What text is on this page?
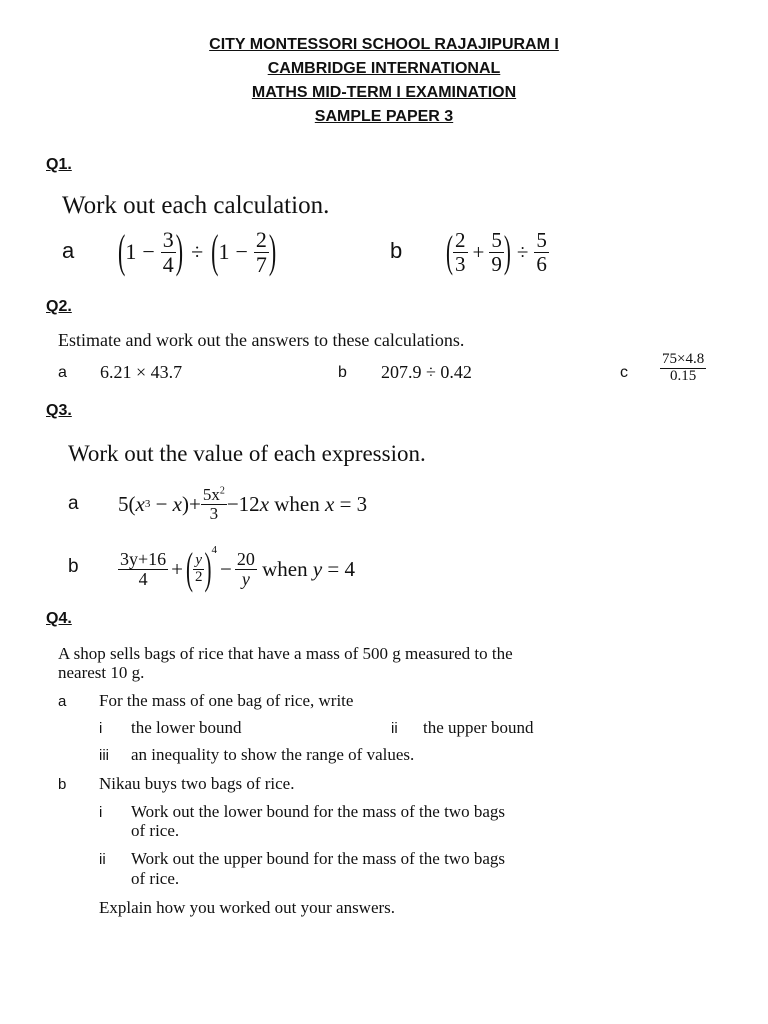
CITY MONTESSORI SCHOOL RAJAJIPURAM I
CAMBRIDGE INTERNATIONAL
MATHS MID-TERM I EXAMINATION
SAMPLE PAPER 3
Q1.
Work out each calculation.
a ( $1 - \frac{3}{4}$ ) ÷ ( $1 - \frac{2}{7}$ )	b ( $\frac{2}{3} + \frac{5}{9}$ ) ÷ $\frac{5}{6}$
Q2.
Estimate and work out the answers to these calculations.
a 6.21 × 43.7	b 207.9 ÷ 0.42	c $\frac{75\times 4.8}{0.15}$
Q3.
Work out the value of each expression.
a 5( x 3 − x )+ $\frac{5x^2}{3} -12$ x when x = 3
b $\frac{3y+16}{4}$ + ( $\frac{y}{2} )^4$
− $\frac{20}{y}$ when y = 4
Q4.
A shop sells bags of rice that have a mass of 500 g measured to the
nearest 10 g.
a For the mass of one bag of rice, write
i the lower bound	ii the upper bound
iii an inequality to show the range of values.
b Nikau buys two bags of rice.
i Work out the lower bound for the mass of the two bags
of rice.
ii Work out the upper bound for the mass of the two bags
of rice.
Explain how you worked out your answers.
